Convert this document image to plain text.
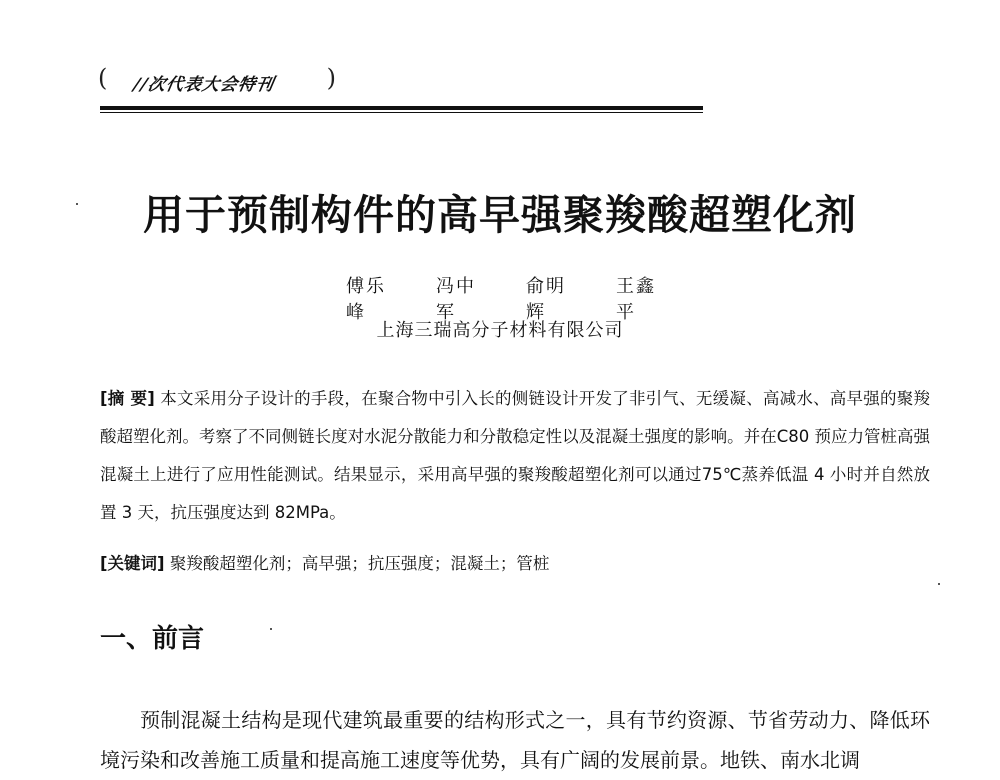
( //次代表大会特刊 )
用于预制构件的高早强聚羧酸超塑化剂
傅乐峰
冯中军
俞明辉
王鑫平
上海三瑞高分子材料有限公司
[摘 要] 本文采用分子设计的手段，在聚合物中引入长的侧链设计开发了非引气、无缓凝、高减水、高早强的聚羧酸超塑化剂。考察了不同侧链长度对水泥分散能力和分散稳定性以及混凝土强度的影响。并在C80 预应力管桩高强混凝土上进行了应用性能测试。结果显示，采用高早强的聚羧酸超塑化剂可以通过75℃蒸养低温 4 小时并自然放置 3 天，抗压强度达到 82MPa。
[关键词] 聚羧酸超塑化剂；高早强；抗压强度；混凝土；管桩
一、前言
预制混凝土结构是现代建筑最重要的结构形式之一，具有节约资源、节省劳动力、降低环境污染和改善施工质量和提高施工速度等优势，具有广阔的发展前景。地铁、南水北调
